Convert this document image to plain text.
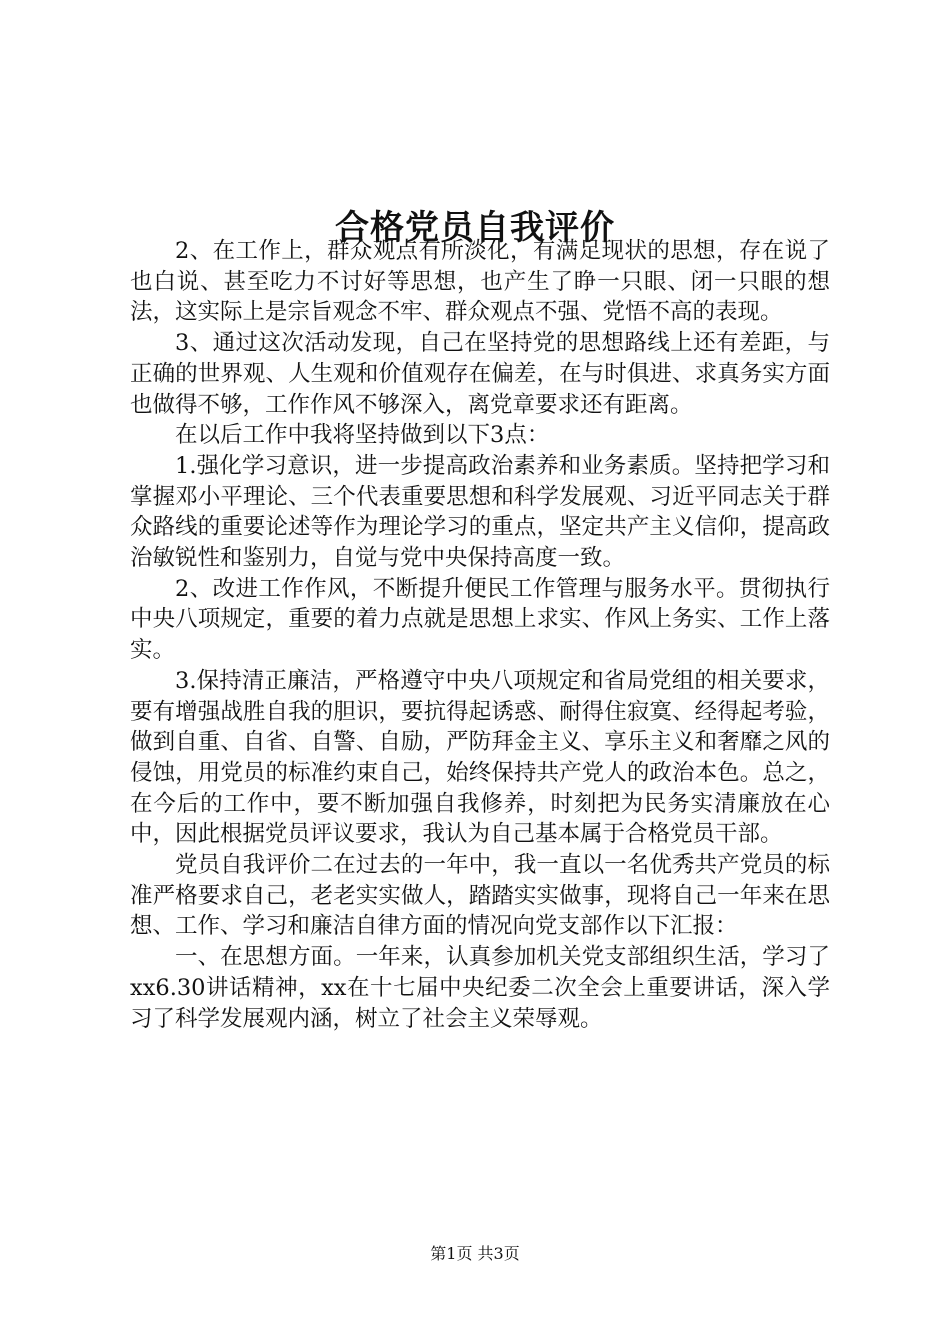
合格党员自我评价

2、在工作上，群众观点有所淡化，有满足现状的思想，存在说了也白说、甚至吃力不讨好等思想，也产生了睁一只眼、闭一只眼的想法，这实际上是宗旨观念不牢、群众观点不强、党悟不高的表现。

3、通过这次活动发现，自己在坚持党的思想路线上还有差距，与正确的世界观、人生观和价值观存在偏差，在与时俱进、求真务实方面也做得不够，工作作风不够深入，离党章要求还有距离。

在以后工作中我将坚持做到以下3点：

1.强化学习意识，进一步提高政治素养和业务素质。坚持把学习和掌握邓小平理论、三个代表重要思想和科学发展观、习近平同志关于群众路线的重要论述等作为理论学习的重点，坚定共产主义信仰，提高政治敏锐性和鉴别力，自觉与党中央保持高度一致。

2、改进工作作风，不断提升便民工作管理与服务水平。贯彻执行中央八项规定，重要的着力点就是思想上求实、作风上务实、工作上落实。

3.保持清正廉洁，严格遵守中央八项规定和省局党组的相关要求，要有增强战胜自我的胆识，要抗得起诱惑、耐得住寂寞、经得起考验，做到自重、自省、自警、自励，严防拜金主义、享乐主义和奢靡之风的侵蚀，用党员的标准约束自己，始终保持共产党人的政治本色。总之，在今后的工作中，要不断加强自我修养，时刻把为民务实清廉放在心中，因此根据党员评议要求，我认为自己基本属于合格党员干部。

党员自我评价二在过去的一年中，我一直以一名优秀共产党员的标准严格要求自己，老老实实做人，踏踏实实做事，现将自己一年来在思想、工作、学习和廉洁自律方面的情况向党支部作以下汇报：

一、在思想方面。一年来，认真参加机关党支部组织生活，学习了xx6.30讲话精神，xx在十七届中央纪委二次全会上重要讲话，深入学习了科学发展观内涵，树立了社会主义荣辱观。

第1页 共3页
